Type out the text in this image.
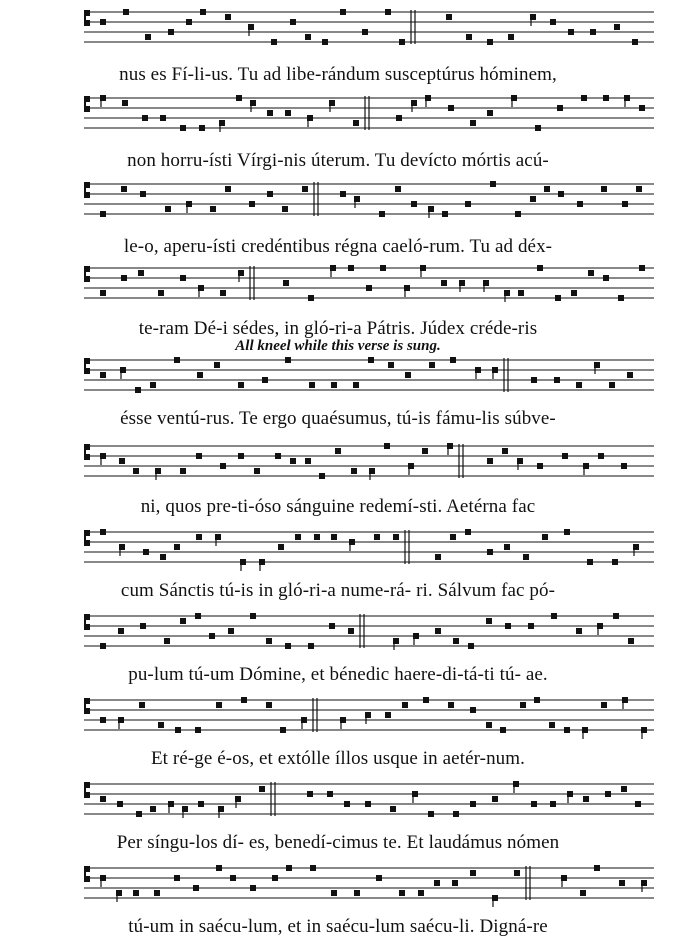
nus es Fí-li-us. Tu ad libe-rándum susceptúrus hóminem,
non horru-ísti Vírgi-nis úterum. Tu devícto mórtis acú-
le-o, aperu-ísti credéntibus régna caeló-rum. Tu ad déx-
te-ram Dé-i sédes, in gló-ri-a Pátris. Júdex créde-ris
All kneel while this verse is sung.
ésse ventú-rus. Te ergo quaésumus, tú-is fámu-lis súbve-
ni, quos pre-ti-óso sánguine redemí-sti. Aetérna fac
cum Sánctis tú-is in gló-ri-a nume-rá- ri. Sálvum fac pó-
pu-lum tú-um Dómine, et bénedic haere-di-tá-ti tú- ae.
Et ré-ge é-os, et extólle íllos usque in aetér-num.
Per síngu-los dí- es, benedí-cimus te. Et laudámus nómen
tú-um in saécu-lum, et in saécu-lum saécu-li. Digná-re
